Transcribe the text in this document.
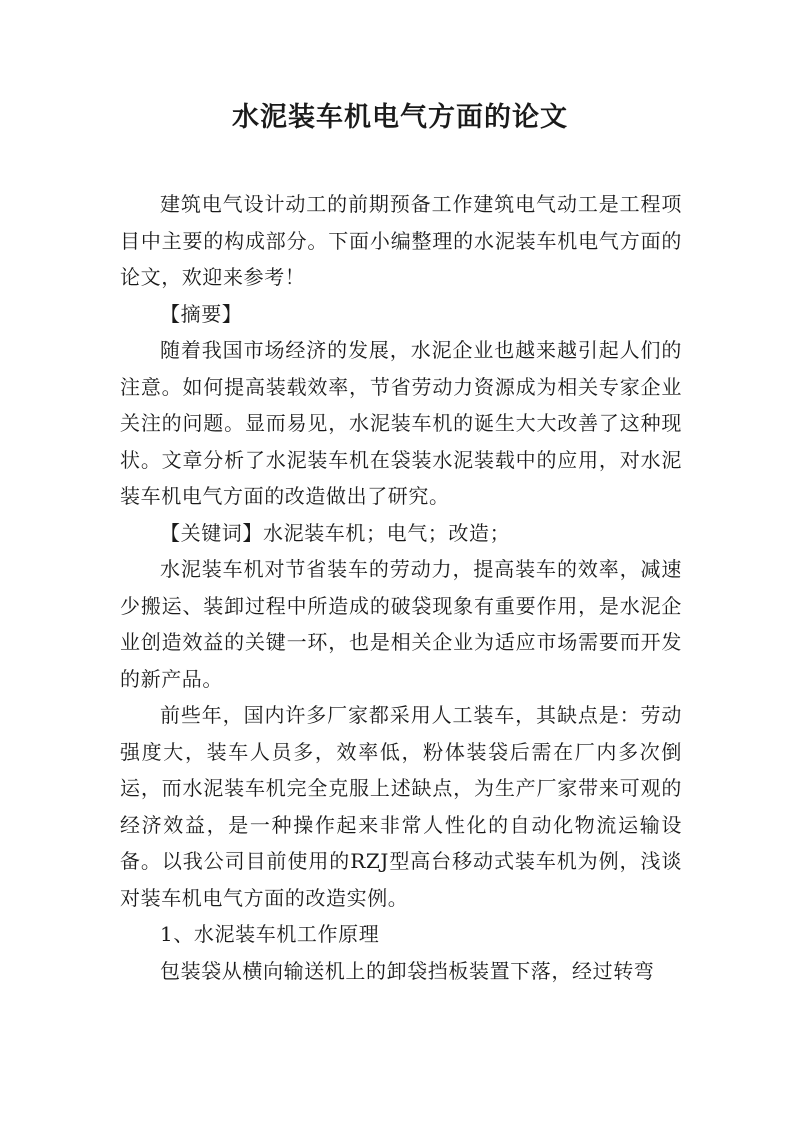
水泥装车机电气方面的论文

建筑电气设计动工的前期预备工作建筑电气动工是工程项目中主要的构成部分。下面小编整理的水泥装车机电气方面的论文，欢迎来参考！

【摘要】

随着我国市场经济的发展，水泥企业也越来越引起人们的注意。如何提高装载效率，节省劳动力资源成为相关专家企业关注的问题。显而易见，水泥装车机的诞生大大改善了这种现状。文章分析了水泥装车机在袋装水泥装载中的应用，对水泥装车机电气方面的改造做出了研究。

【关键词】水泥装车机；电气；改造；

水泥装车机对节省装车的劳动力，提高装车的效率，减速少搬运、装卸过程中所造成的破袋现象有重要作用，是水泥企业创造效益的关键一环，也是相关企业为适应市场需要而开发的新产品。

前些年，国内许多厂家都采用人工装车，其缺点是：劳动强度大，装车人员多，效率低，粉体装袋后需在厂内多次倒运，而水泥装车机完全克服上述缺点，为生产厂家带来可观的经济效益，是一种操作起来非常人性化的自动化物流运输设备。以我公司目前使用的RZJ型高台移动式装车机为例，浅谈对装车机电气方面的改造实例。

1、水泥装车机工作原理

包装袋从横向输送机上的卸袋挡板装置下落，经过转弯
